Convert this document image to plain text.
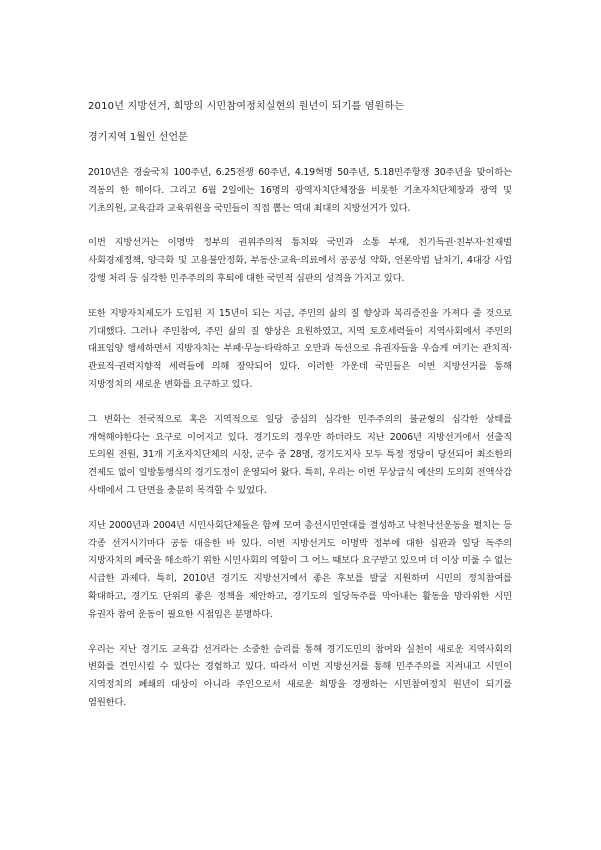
2010년 지방선거, 희망의 시민참여정치실현의 원년이 되기를 염원하는

경기지역 1월인 선언문

2010년은 경술국치 100주년, 6.25전쟁 60주년, 4.19혁명 50주년, 5.18민주항쟁 30주년을 맞이하는 격동의 한 해이다. 그리고 6월 2일에는 16명의 광역자치단체장을 비롯한 기초자치단체장과 광역 및 기초의원, 교육감과 교육위원을 국민들이 직접 뽑는 역대 최대의 지방선거가 있다.

이번 지방선거는 이명박 정부의 권위주의적 통치와 국민과 소통 부재, 친기득권·친부자·친재벌 사회경제정책, 양극화 및 고용불안정화, 부동산·교육·의료에서 공공성 약화, 언론악법 날치기, 4대강 사업 강행 처리 등 심각한 민주주의의 후퇴에 대한 국민적 심판의 성격을 가지고 있다.

또한 지방자치제도가 도입된 지 15년이 되는 지금, 주민의 삶의 질 향상과 복리증진을 가져다 줄 것으로 기대했다. 그러나 주민참여, 주민 삶의 질 향상은 요원하였고, 지역 토호세력들이 지역사회에서 주민의 대표임양 행세하면서 지방자치는 부패·무능·타락하고 오만과 독선으로 유권자들을 우습게 여기는 관치적·관료적·권력지향적 세력들에 의해 장악되어 있다. 이러한 가운데 국민들은 이번 지방선거를 통해 지방정치의 새로운 변화를 요구하고 있다.

그 변화는 전국적으로 혹은 지역적으로 일당 중심의 심각한 민주주의의 불균형의 심각한 상태를 개혁해야한다는 요구로 이어지고 있다. 경기도의 경우만 하더라도 지난 2006년 지방선거에서 선출직 도의원 전원, 31개 기초자치단체의 시장, 군수 중 28명, 경기도지사 모두 특정 정당이 당선되어 최소한의 견제도 없이 일방통행식의 경기도정이 운영되어 왔다. 특히, 우리는 이번 무상급식 예산의 도의회 전액삭감 사태에서 그 단면을 충분히 목격할 수 있었다.

지난 2000년과 2004년 시민사회단체들은 함께 모여 총선시민연대를 결성하고 낙천낙선운동을 펼치는 등 각종 선거시기마다 공동 대응한 바 있다. 이번 지방선거도 이명박 정부에 대한 심판과 일당 독주의 지방자치의 폐국을 해소하기 위한 시민사회의 역할이 그 어느 때보다 요구받고 있으며 더 이상 미룰 수 없는 시급한 과제다. 특히, 2010년 경기도 지방선거에서 좋은 후보를 발굴 지원하며 시민의 정치참여를 확대하고, 경기도 단위의 좋은 정책을 제안하고, 경기도의 일당독주를 막아내는 활동을 망라위한 시민 유권자 참여 운동이 필요한 시점임은 분명하다.

우리는 지난 경기도 교육감 선거라는 소중한 승리를 통해 경기도민의 참여와 실천이 새로운 지역사회의 변화를 견인시킬 수 있다는 경험하고 있다. 따라서 이번 지방선거를 통해 민주주의를 지켜내고 시민이 지역정치의 폐쇄의 대상이 아니라 주인으로서 새로운 희망을 경쟁하는 시민참여정치 원년이 되기를 염원한다.
